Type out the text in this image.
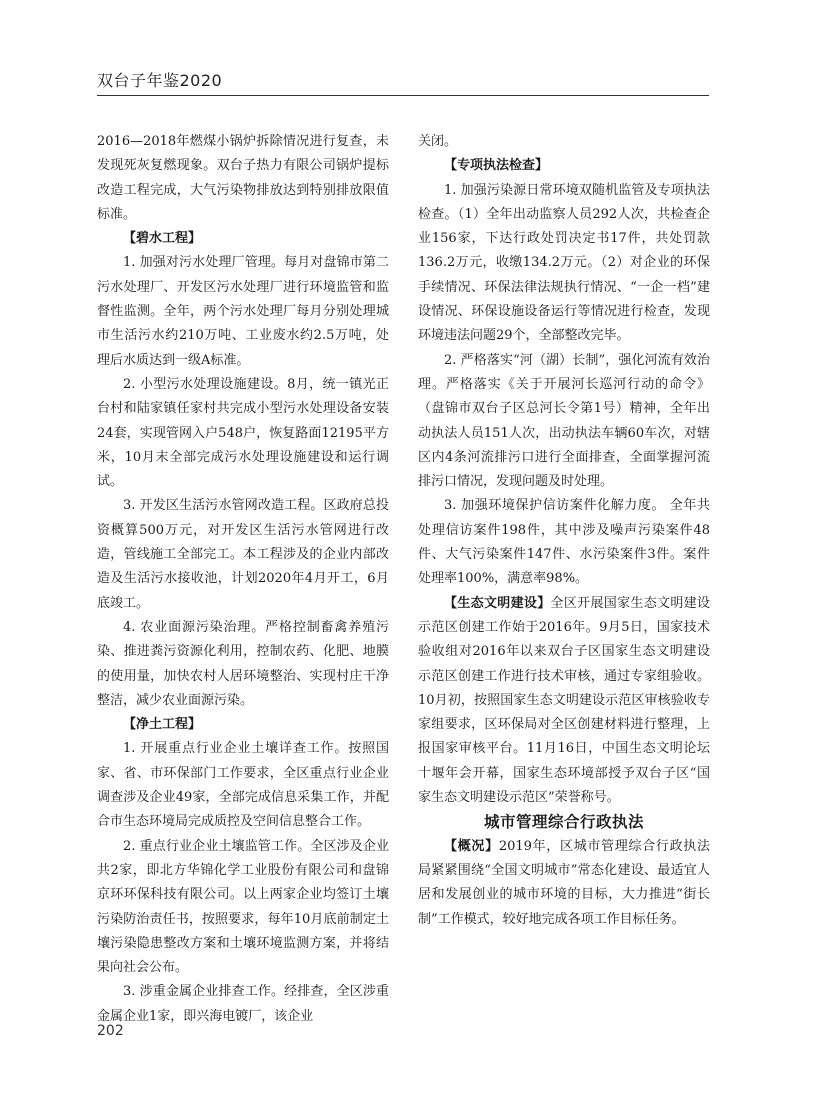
双台子年鉴2020

2016—2018年燃煤小锅炉拆除情况进行复查，未发现死灰复燃现象。双台子热力有限公司锅炉提标改造工程完成，大气污染物排放达到特别排放限值标准。

【碧水工程】

1. 加强对污水处理厂管理。每月对盘锦市第二污水处理厂、开发区污水处理厂进行环境监管和监督性监测。全年，两个污水处理厂每月分别处理城市生活污水约210万吨、工业废水约2.5万吨，处理后水质达到一级A标准。

2. 小型污水处理设施建设。8月，统一镇光正台村和陆家镇任家村共完成小型污水处理设备安装24套，实现管网入户548户，恢复路面12195平方米，10月末全部完成污水处理设施建设和运行调试。

3. 开发区生活污水管网改造工程。区政府总投资概算500万元，对开发区生活污水管网进行改造，管线施工全部完工。本工程涉及的企业内部改造及生活污水接收池，计划2020年4月开工，6月底竣工。

4. 农业面源污染治理。严格控制畜禽养殖污染、推进粪污资源化利用，控制农药、化肥、地膜的使用量，加快农村人居环境整治、实现村庄干净整洁，减少农业面源污染。

【净土工程】

1. 开展重点行业企业土壤详查工作。按照国家、省、市环保部门工作要求，全区重点行业企业调查涉及企业49家，全部完成信息采集工作，并配合市生态环境局完成质控及空间信息整合工作。

2. 重点行业企业土壤监管工作。全区涉及企业共2家，即北方华锦化学工业股份有限公司和盘锦京环环保科技有限公司。以上两家企业均签订土壤污染防治责任书，按照要求，每年10月底前制定土壤污染隐患整改方案和土壤环境监测方案，并将结果向社会公布。

3. 涉重金属企业排查工作。经排查，全区涉重金属企业1家，即兴海电镀厂，该企业

关闭。

【专项执法检查】

1. 加强污染源日常环境双随机监管及专项执法检查。（1）全年出动监察人员292人次，共检查企业156家，下达行政处罚决定书17件，共处罚款136.2万元，收缴134.2万元。（2）对企业的环保手续情况、环保法律法规执行情况、“一企一档”建设情况、环保设施设备运行等情况进行检查，发现环境违法问题29个，全部整改完毕。

2. 严格落实“河（湖）长制”，强化河流有效治理。严格落实《关于开展河长巡河行动的命令》（盘锦市双台子区总河长令第1号）精神，全年出动执法人员151人次，出动执法车辆60车次，对辖区内4条河流排污口进行全面排查，全面掌握河流排污口情况，发现问题及时处理。

3. 加强环境保护信访案件化解力度。 全年共处理信访案件198件，其中涉及噪声污染案件48件、大气污染案件147件、水污染案件3件。案件处理率100%，满意率98%。

【生态文明建设】全区开展国家生态文明建设示范区创建工作始于2016年。9月5日，国家技术验收组对2016年以来双台子区国家生态文明建设示范区创建工作进行技术审核，通过专家组验收。10月初，按照国家生态文明建设示范区审核验收专家组要求，区环保局对全区创建材料进行整理，上报国家审核平台。11月16日，中国生态文明论坛十堰年会开幕，国家生态环境部授予双台子区“国家生态文明建设示范区”荣誉称号。

城市管理综合行政执法

【概况】2019年，区城市管理综合行政执法局紧紧围绕“全国文明城市”常态化建设、最适宜人居和发展创业的城市环境的目标，大力推进“街长制”工作模式，较好地完成各项工作目标任务。

202
